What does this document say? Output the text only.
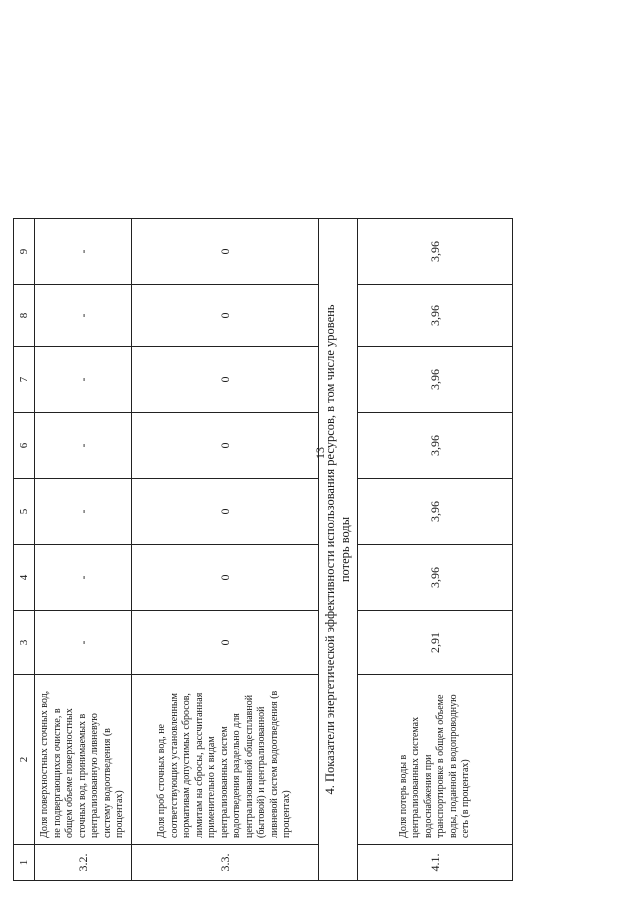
13
1	2	3	4	5	6	7	8	9
3.2.	Доля поверхностных сточных вод, не подвергающихся очистке, в общем объеме поверхностных сточных вод, принимаемых в централизованную ливневую систему водоотведения (в процентах)	-	-	-	-	-	-	-
3.3.	Доля проб сточных вод, не соответствующих установленным нормативам допустимых сбросов, лимитам на сбросы, рассчитанная применительно к видам централизованных систем водоотведения раздельно для централизованной общесплавной (бытовой) и централизованной ливневой систем водоотведения (в процентах)	0	0	0	0	0	0	0

4. Показатели энергетической эффективности использования ресурсов, в том числе уровень потерь воды								

4.1.	Доля потерь воды в централизованных системах водоснабжения при транспортировке в общем объеме воды, поданной в водопроводную сеть (в процентах)	2,91	3,96	3,96	3,96	3,96	3,96	3,96
